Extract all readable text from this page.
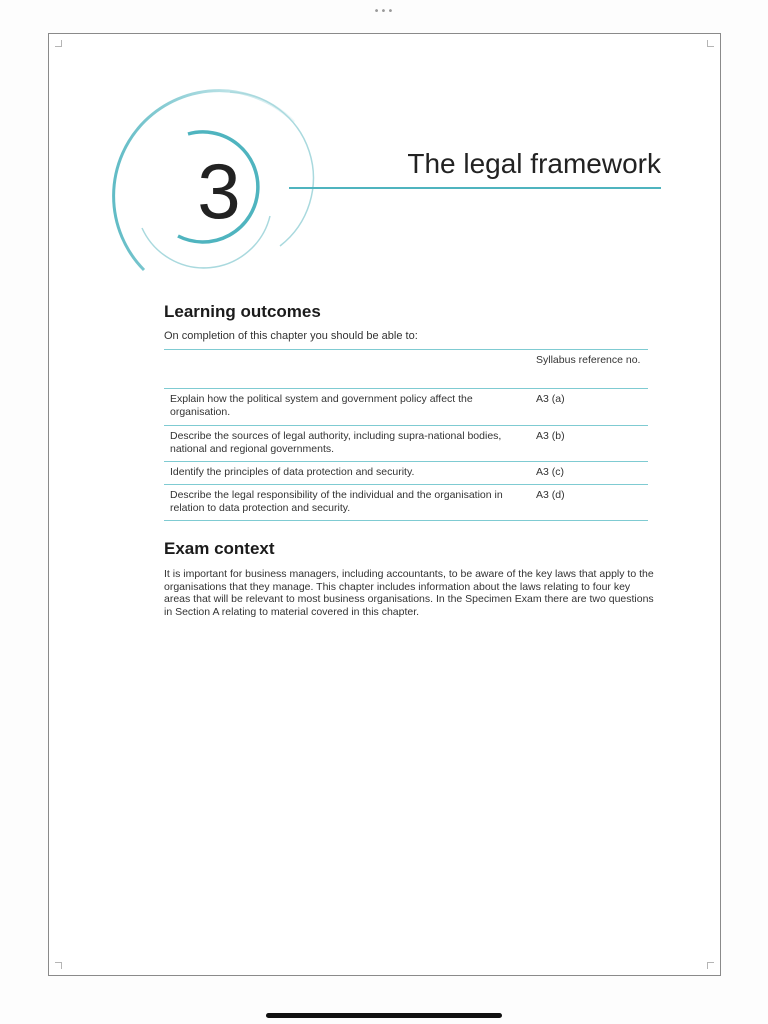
•••
3	The legal framework
Learning outcomes
On completion of this chapter you should be able to:
Syllabus reference no.
Explain how the political system and government policy affect the organisation.
A3 (a)
Describe the sources of legal authority, including supra-national bodies, national and regional governments.
A3 (b)
Identify the principles of data protection and security.	A3 (c)
Describe the legal responsibility of the individual and the organisation in relation to data protection and security.
A3 (d)
Exam context
It is important for business managers, including accountants, to be aware of the key laws that apply to the organisations that they manage. This chapter includes information about the laws relating to four key areas that will be relevant to most business organisations. In the Specimen Exam there are two questions in Section A relating to material covered in this chapter.
